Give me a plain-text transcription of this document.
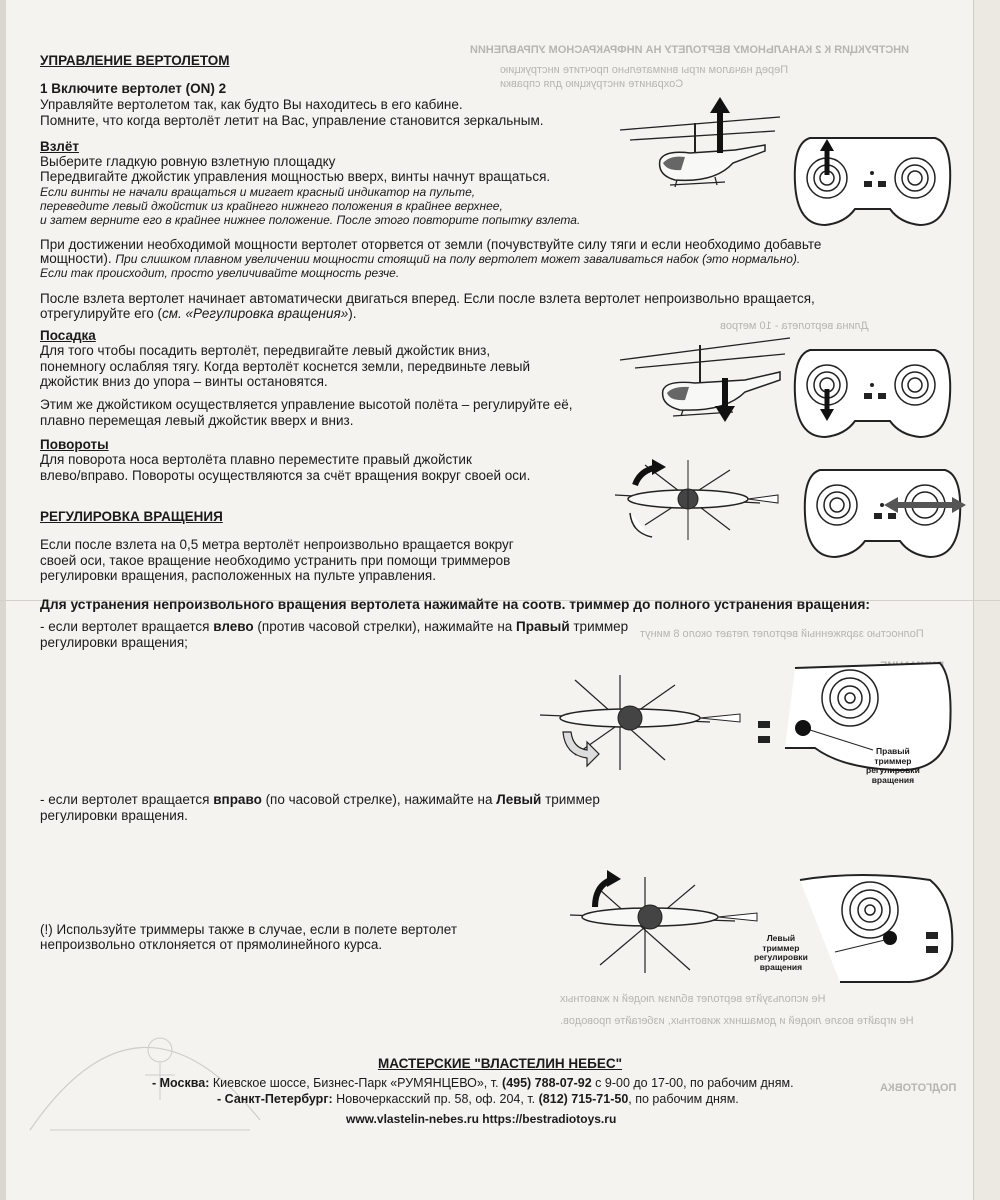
ИНСТРУКЦИЯ К 2 КАНАЛЬНОМУ ВЕРТОЛЕТУ НА ИНФРАКРАСНОМ УПРАВЛЕНИИ
Перед началом игры внимательно прочтите инструкцию
Сохраните инструкцию для справки
Длина вертолета - 10 метров
Полностью заряженный вертолет летает около 8 минут
Не используйте вертолет вблизи людей и животных
Не играйте возле людей и домашних животных, избегайте проводов.
ПОДГОТОВКА
УПРАВЛЕНИЕ ВЕРТОЛЕТОМ
1 Включите вертолет (ON) 2
Управляйте вертолетом так, как будто Вы находитесь в его кабине.
Помните, что когда вертолёт летит на Вас, управление становится зеркальным.
Взлёт
Выберите гладкую ровную взлетную площадку
Передвигайте джойстик управления мощностью вверх, винты начнут вращаться.
Если винты не начали вращаться и мигает красный индикатор на пульте,
переведите левый джойстик из крайнего нижнего положения в крайнее верхнее,
и затем верните его в крайнее нижнее положение. После этого повторите попытку взлета.
При достижении необходимой мощности вертолет оторвется от земли (почувствуйте силу тяги и если необходимо добавьте
мощности). При слишком плавном увеличении мощности стоящий на полу вертолет может заваливаться набок (это нормально).
Если так происходит, просто увеличивайте мощность резче.
После взлета вертолет начинает автоматически двигаться вперед. Если после взлета вертолет непроизвольно вращается,
отрегулируйте его (см. «Регулировка вращения»).
Посадка
Для того чтобы посадить вертолёт, передвигайте левый джойстик вниз,
понемногу ослабляя тягу. Когда вертолёт коснется земли, передвиньте левый
джойстик вниз до упора – винты остановятся.
Этим же джойстиком осуществляется управление высотой полёта – регулируйте её,
плавно перемещая левый джойстик вверх и вниз.
Повороты
Для поворота носа вертолёта плавно переместите правый джойстик
влево/вправо. Повороты осуществляются за счёт вращения вокруг своей оси.
РЕГУЛИРОВКА ВРАЩЕНИЯ
Если после взлета на 0,5 метра вертолёт непроизвольно вращается вокруг
своей оси, такое вращение необходимо устранить при помощи триммеров
регулировки вращения, расположенных на пульте управления.
Для устранения непроизвольного вращения вертолета нажимайте на соотв. триммер до полного устранения вращения:
- если вертолет вращается влево (против часовой стрелки), нажимайте на Правый триммер
регулировки вращения;
- если вертолет вращается вправо (по часовой стрелке), нажимайте на Левый триммер
регулировки вращения.
(!) Используйте триммеры также в случае, если в полете вертолет
непроизвольно отклоняется от прямолинейного курса.
Правый
триммер
регулировки
вращения
Левый
триммер
регулировки
вращения
МАСТЕРСКИЕ "ВЛАСТЕЛИН НЕБЕС"
- Москва: Киевское шоссе, Бизнес-Парк «РУМЯНЦЕВО», т. (495) 788-07-92 с 9-00 до 17-00, по рабочим дням.
- Санкт-Петербург: Новочеркасский пр. 58, оф. 204, т. (812) 715-71-50, по рабочим дням.
www.vlastelin-nebes.ru https://bestradiotoys.ru
